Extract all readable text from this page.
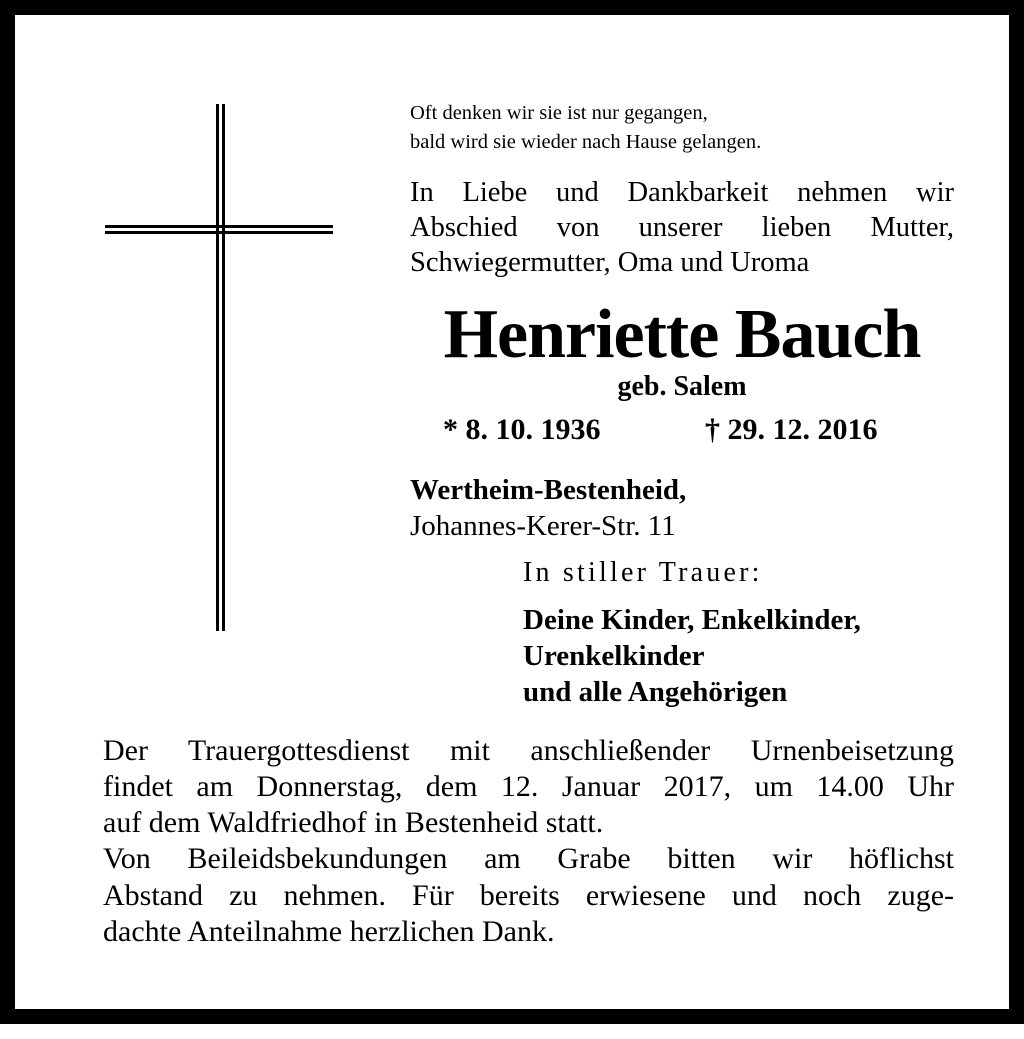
Oft denken wir sie ist nur gegangen,
bald wird sie wieder nach Hause gelangen.
In Liebe und Dankbarkeit nehmen wir
Abschied von unserer lieben Mutter,
Schwiegermutter, Oma und Uroma
Henriette Bauch
geb. Salem
* 8. 10. 1936	† 29. 12. 2016
Wertheim-Bestenheid,
Johannes-Kerer-Str. 11
In stiller Trauer:
Deine Kinder, Enkelkinder,
Urenkelkinder
und alle Angehörigen
Der Trauergottesdienst mit anschließender Urnenbeisetzung
findet am Donnerstag, dem 12. Januar 2017, um 14.00 Uhr
auf dem Waldfriedhof in Bestenheid statt.
Von Beileidsbekundungen am Grabe bitten wir höflichst
Abstand zu nehmen. Für bereits erwiesene und noch zuge-
dachte Anteilnahme herzlichen Dank.
